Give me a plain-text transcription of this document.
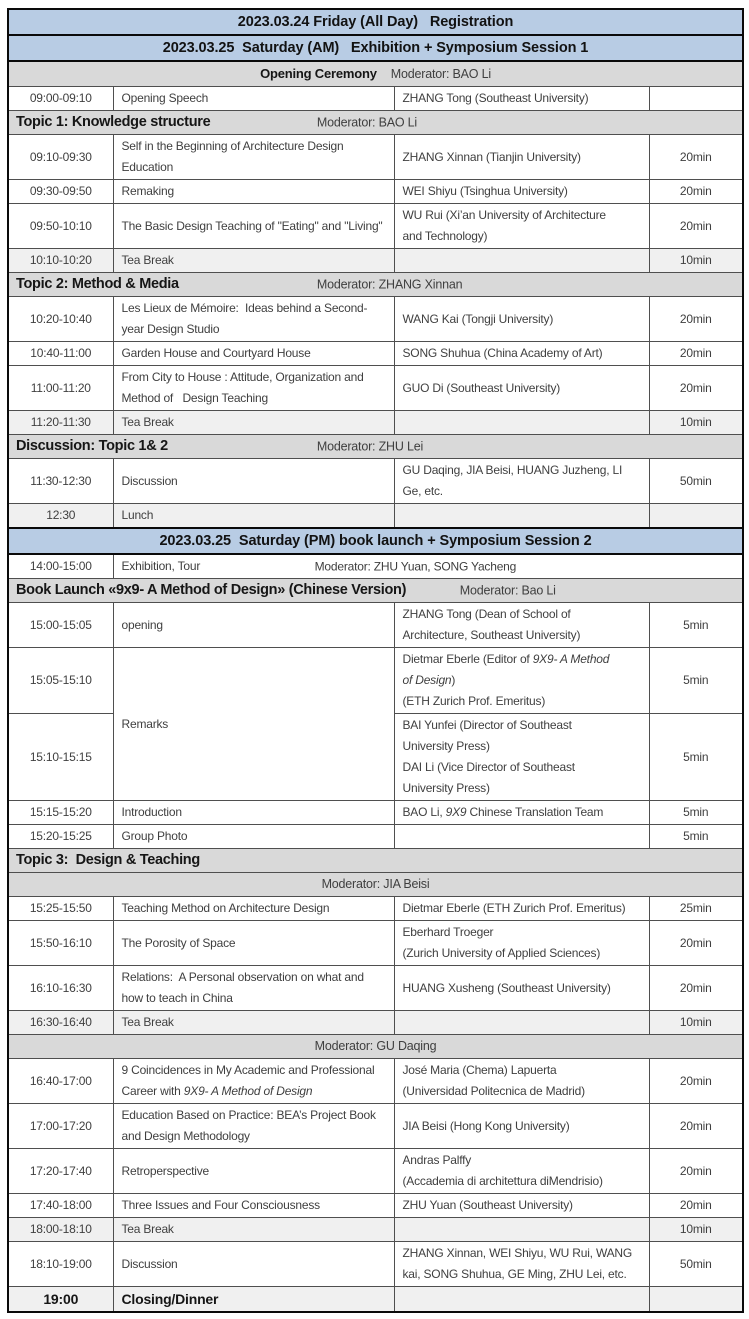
2023.03.24 Friday (All Day)   Registration			
2023.03.25  Saturday (AM)   Exhibition + Symposium Session 1			
Opening Ceremony Moderator: BAO Li			
09:00-09:10	Opening Speech	ZHANG Tong (Southeast University)	
Topic 1: Knowledge structure Moderator: BAO Li			

09:10-09:30	Self in the Beginning of Architecture Design
Education	ZHANG Xinnan (Tianjin University)	20min
09:30-09:50	Remaking	WEI Shiyu (Tsinghua University)	20min
09:50-10:10	The Basic Design Teaching of "Eating" and "Living"	WU Rui (Xi’an University of Architecture
and Technology)	20min
10:10-10:20	Tea Break		10min
Topic 2: Method & Media Moderator: ZHANG Xinnan			

10:20-10:40	Les Lieux de Mémoire:  Ideas behind a Second-
year Design Studio	WANG Kai (Tongji University)	20min
10:40-11:00	Garden House and Courtyard House	SONG Shuhua (China Academy of Art)	20min
11:00-11:20	From City to House : Attitude, Organization and
Method of   Design Teaching	GUO Di (Southeast University)	20min
11:20-11:30	Tea Break		10min
Discussion: Topic 1& 2 Moderator: ZHU Lei			

11:30-12:30	Discussion	GU Daqing, JIA Beisi, HUANG Juzheng, LI
Ge, etc.	50min
12:30	Lunch		
2023.03.25  Saturday (PM) book launch + Symposium Session 2			
14:00-15:00	Exhibition, Tour Moderator: ZHU Yuan, SONG Yacheng		

Book Launch «9x9- A Method of Design» (Chinese Version) Moderator: Bao Li			

15:00-15:05	opening	ZHANG Tong (Dean of School of
Architecture, Southeast University)	5min
15:05-15:10	Remarks	Dietmar Eberle (Editor of 9X9- A Method
of Design)
(ETH Zurich Prof. Emeritus)	5min
15:10-15:15		BAI Yunfei (Director of Southeast
University Press)
DAI Li (Vice Director of Southeast
University Press)	5min
15:15-15:20	Introduction	BAO Li, 9X9 Chinese Translation Team	5min
15:20-15:25	Group Photo		5min
Topic 3:  Design & Teaching			
Moderator: JIA Beisi			
15:25-15:50	Teaching Method on Architecture Design	Dietmar Eberle (ETH Zurich Prof. Emeritus)	25min
15:50-16:10	The Porosity of Space	Eberhard Troeger
(Zurich University of Applied Sciences)	20min
16:10-16:30	Relations:  A Personal observation on what and
how to teach in China	HUANG Xusheng (Southeast University)	20min
16:30-16:40	Tea Break		10min
Moderator: GU Daqing			
16:40-17:00	9 Coincidences in My Academic and Professional
Career with 9X9- A Method of Design	José Maria (Chema) Lapuerta
(Universidad Politecnica de Madrid)	20min
17:00-17:20	Education Based on Practice: BEA’s Project Book
and Design Methodology	JIA Beisi (Hong Kong University)	20min
17:20-17:40	Retroperspective	Andras Palffy
(Accademia di architettura diMendrisio)	20min
17:40-18:00	Three Issues and Four Consciousness	ZHU Yuan (Southeast University)	20min
18:00-18:10	Tea Break		10min
18:10-19:00	Discussion	ZHANG Xinnan, WEI Shiyu, WU Rui, WANG
kai, SONG Shuhua, GE Ming, ZHU Lei, etc.	50min
19:00	Closing/Dinner		
